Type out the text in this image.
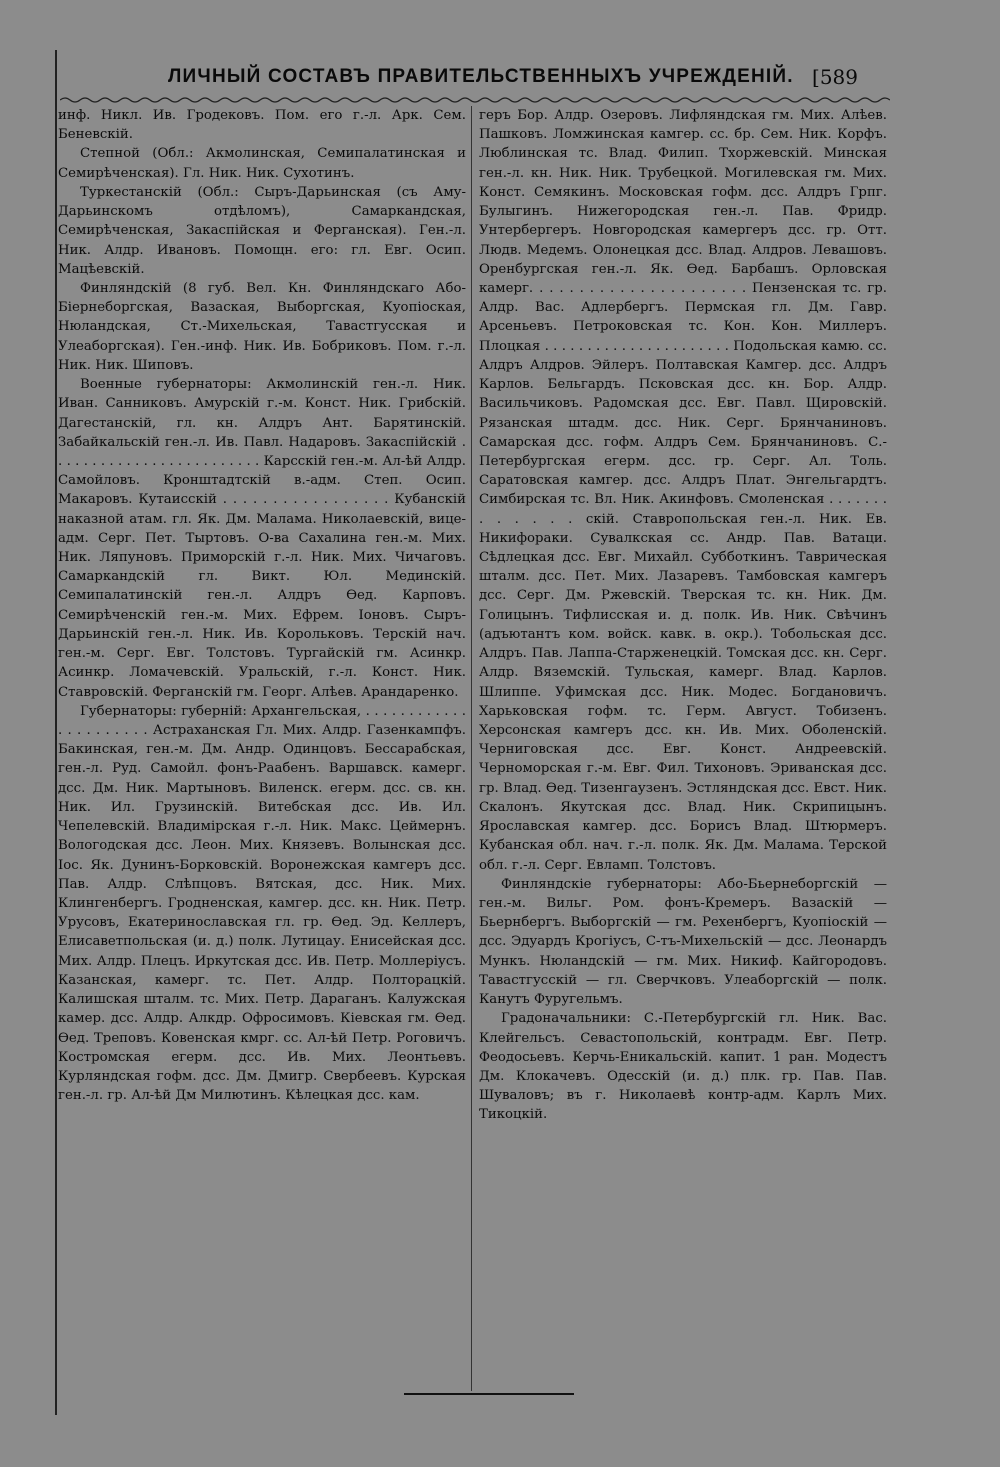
ЛИЧНЫЙ СОСТАВЪ ПРАВИТЕЛЬСТВЕННЫХЪ УЧРЕЖДЕНІЙ. [589

инф. Никл. Ив. Гродековъ. Пом. его г.-л. Арк. Сем. Беневскій.

Степной (Обл.: Акмолинская, Семипалатинская и Семирѣченская). Гл. Ник. Ник. Сухотинъ.

Туркестанскій (Обл.: Сыръ-Дарьинская (съ Аму-Дарьинскомъ отдѣломъ), Самаркандская, Семирѣченская, Закаспійская и Ферганская). Ген.-л. Ник. Алдр. Ивановъ. Помощн. его: гл. Евг. Осип. Мацѣевскій.

Финляндскій (8 губ. Вел. Кн. Финляндскаго Або-Біернеборгская, Вазаская, Выборгская, Куопіоская, Нюландская, Ст.-Михельская, Тавастгусская и Улеаборгская). Ген.-инф. Ник. Ив. Бобриковъ. Пом. г.-л. Ник. Ник. Шиповъ.

Военные губернаторы: Акмолинскій ген.-л. Ник. Иван. Санниковъ. Амурскій г.-м. Конст. Ник. Грибскій. Дагестанскій, гл. кн. Алдръ Ант. Барятинскій. Забайкальскій ген.-л. Ив. Павл. Надаровъ. Закаспійскій . . . . . . . . . . . . . . . . . . . . . . . . . Карсскій ген.-м. Ал-ѣй Алдр. Самойловъ. Кронштадтскій в.-адм. Степ. Осип. Макаровъ. Кутаисскій . . . . . . . . . . . . . . . . . Кубанскій наказной атам. гл. Як. Дм. Малама. Николаевскій, вице-адм. Серг. Пет. Тыртовъ. О-ва Сахалина ген.-м. Мих. Ник. Ляпуновъ. Приморскій г.-л. Ник. Мих. Чичаговъ. Самаркандскій гл. Викт. Юл. Мединскій. Семипалатинскій ген.-л. Алдръ Ѳед. Карповъ. Семирѣченскій ген.-м. Мих. Ефрем. Іоновъ. Сыръ-Дарьинскій ген.-л. Ник. Ив. Корольковъ. Терскій нач. ген.-м. Серг. Евг. Толстовъ. Тургайскій гм. Асинкр. Асинкр. Ломачевскій. Уральскій, г.-л. Конст. Ник. Ставровскій. Ферганскій гм. Георг. Алѣев. Арандаренко.

Губернаторы: губерній: Архангельская, . . . . . . . . . . . . . . . . . . . . . . Астраханская Гл. Мих. Алдр. Газенкампфъ. Бакинская, ген.-м. Дм. Андр. Одинцовъ. Бессарабская, ген.-л. Руд. Самойл. фонъ-Раабенъ. Варшавск. камерг. дсс. Дм. Ник. Мартыновъ. Виленск. егерм. дсс. св. кн. Ник. Ил. Грузинскій. Витебская дсс. Ив. Ил. Чепелевскій. Владимірская г.-л. Ник. Макс. Цеймернъ. Вологодская дсс. Леон. Мих. Князевъ. Волынская дсс. Іос. Як. Дунинъ-Борковскій. Воронежская камгеръ дсс. Пав. Алдр. Слѣпцовъ. Вятская, дсс. Ник. Мих. Клингенбергъ. Гродненская, камгер. дсс. кн. Ник. Петр. Урусовъ, Екатеринославская гл. гр. Ѳед. Эд. Келлеръ, Елисаветпольская (и. д.) полк. Лутицау. Енисейская дсс. Мих. Алдр. Плецъ. Иркутская дсс. Ив. Петр. Моллеріусъ. Казанская, камерг. тс. Пет. Алдр. Полторацкій. Калишская шталм. тс. Мих. Петр. Дараганъ. Калужская камер. дсс. Алдр. Алкдр. Офросимовъ. Кіевская гм. Ѳед. Ѳед. Треповъ. Ковенская кмрг. сс. Ал-ѣй Петр. Роговичъ. Костромская егерм. дсс. Ив. Мих. Леонтьевъ. Курляндская гофм. дсс. Дм. Дмигр. Свербеевъ. Курская ген.-л. гр. Ал-ѣй Дм Милютинъ. Кѣлецкая дсс. кам.

геръ Бор. Алдр. Озеровъ. Лифляндская гм. Мих. Алѣев. Пашковъ. Ломжинская камгер. сс. бр. Сем. Ник. Корфъ. Люблинская тс. Влад. Филип. Тхоржевскій. Минская ген.-л. кн. Ник. Ник. Трубецкой. Могилевская гм. Мих. Конст. Семякинъ. Московская гофм. дсс. Алдръ Грпг. Булыгинъ. Нижегородская ген.-л. Пав. Фридр. Унтербергеръ. Новгородская камергеръ дсс. гр. Отт. Людв. Медемъ. Олонецкая дсс. Влад. Алдров. Левашовъ. Оренбургская ген.-л. Як. Ѳед. Барбашъ. Орловская камерг. . . . . . . . . . . . . . . . . . . . . . Пензенская тс. гр. Алдр. Вас. Адлербергъ. Пермская гл. Дм. Гавр. Арсеньевъ. Петроковская тс. Кон. Кон. Миллеръ. Плоцкая . . . . . . . . . . . . . . . . . . . . . . Подольская камю. сс. Алдръ Алдров. Эйлеръ. Полтавская Камгер. дсс. Алдръ Карлов. Бельгардъ. Псковская дсс. кн. Бор. Алдр. Васильчиковъ. Радомская дсс. Евг. Павл. Щировскій. Рязанская штадм. дсс. Ник. Серг. Брянчаниновъ. Самарская дсс. гофм. Алдръ Сем. Брянчаниновъ. С.-Петербургская егерм. дсс. гр. Серг. Ал. Толь. Саратовская камгер. дсс. Алдръ Плат. Энгельгардтъ. Симбирская тс. Вл. Ник. Акинфовъ. Смоленская . . . . . . . . . . . . . скій. Ставропольская ген.-л. Ник. Ев. Никифораки. Сувалкская сс. Андр. Пав. Ватаци. Сѣдлецкая дсс. Евг. Михайл. Субботкинъ. Таврическая шталм. дсс. Пет. Мих. Лазаревъ. Тамбовская камгеръ дсс. Серг. Дм. Ржевскій. Тверская тс. кн. Ник. Дм. Голицынъ. Тифлисская и. д. полк. Ив. Ник. Свѣчинъ (адъютантъ ком. войск. кавк. в. окр.). Тобольская дсс. Алдръ. Пав. Лаппа-Старженецкій. Томская дсс. кн. Серг. Алдр. Вяземскій. Тульская, камерг. Влад. Карлов. Шлиппе. Уфимская дсс. Ник. Модес. Богдановичъ. Харьковская гофм. тс. Герм. Август. Тобизенъ. Херсонская камгеръ дсс. кн. Ив. Мих. Оболенскій. Черниговская дсс. Евг. Конст. Андреевскій. Черноморская г.-м. Евг. Фил. Тихоновъ. Эриванская дсс. гр. Влад. Ѳед. Тизенгаузенъ. Эстляндская дсс. Евст. Ник. Скалонъ. Якутская дсс. Влад. Ник. Скрипицынъ. Ярославская камгер. дсс. Борисъ Влад. Штюрмеръ. Кубанская обл. нач. г.-л. полк. Як. Дм. Малама. Терской обл. г.-л. Серг. Евламп. Толстовъ.

Финляндскіе губернаторы: Або-Бьернеборгскій — ген.-м. Вильг. Ром. фонъ-Кремеръ. Вазаскій — Бьернбергъ. Выборгскій — гм. Рехенбергъ, Куопіоскій — дсс. Эдуардъ Крогіусъ, С-тъ-Михельскій — дсс. Леонардъ Мункъ. Нюландскій — гм. Мих. Никиф. Кайгородовъ. Тавастгусскій — гл. Сверчковъ. Улеаборгскій — полк. Канутъ Фуругельмъ.

Градоначальники: С.-Петербургскій гл. Ник. Вас. Клейгельсъ. Севастопольскій, контрадм. Евг. Петр. Феодосьевъ. Керчь-Еникальскій. капит. 1 ран. Модестъ Дм. Клокачевъ. Одесскій (и. д.) плк. гр. Пав. Пав. Шуваловъ; въ г. Николаевѣ контр-адм. Карлъ Мих. Тикоцкій.
